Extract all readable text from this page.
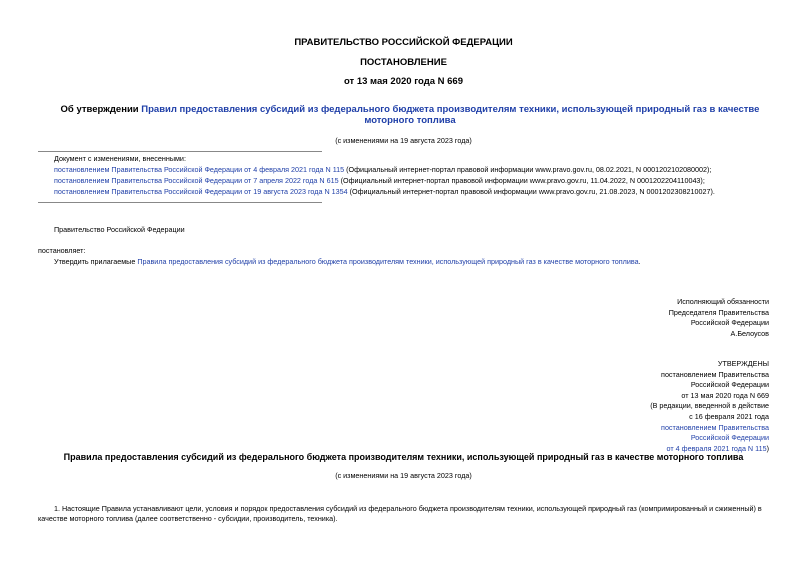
ПРАВИТЕЛЬСТВО РОССИЙСКОЙ ФЕДЕРАЦИИ
ПОСТАНОВЛЕНИЕ
от 13 мая 2020 года N 669
Об утверждении Правил предоставления субсидий из федерального бюджета производителям техники, использующей природный газ в качестве моторного топлива
(с изменениями на 19 августа 2023 года)
Документ с изменениями, внесенными:
постановлением Правительства Российской Федерации от 4 февраля 2021 года N 115 (Официальный интернет-портал правовой информации www.pravo.gov.ru, 08.02.2021, N 0001202102080002);
постановлением Правительства Российской Федерации от 7 апреля 2022 года N 615 (Официальный интернет-портал правовой информации www.pravo.gov.ru, 11.04.2022, N 0001202204110043);
постановлением Правительства Российской Федерации от 19 августа 2023 года N 1354 (Официальный интернет-портал правовой информации www.pravo.gov.ru, 21.08.2023, N 0001202308210027).
Правительство Российской Федерации
постановляет:
Утвердить прилагаемые Правила предоставления субсидий из федерального бюджета производителям техники, использующей природный газ в качестве моторного топлива.
Исполняющий обязанности
Председателя Правительства
Российской Федерации
А.Белоусов
УТВЕРЖДЕНЫ
постановлением Правительства
Российской Федерации
от 13 мая 2020 года N 669
(В редакции, введенной в действие
с 16 февраля 2021 года
постановлением Правительства
Российской Федерации
от 4 февраля 2021 года N 115)
Правила предоставления субсидий из федерального бюджета производителям техники, использующей природный газ в качестве моторного топлива
(с изменениями на 19 августа 2023 года)
1. Настоящие Правила устанавливают цели, условия и порядок предоставления субсидий из федерального бюджета производителям техники, использующей природный газ (компримированный и сжиженный) в
качестве моторного топлива (далее соответственно - субсидии, производитель, техника).
